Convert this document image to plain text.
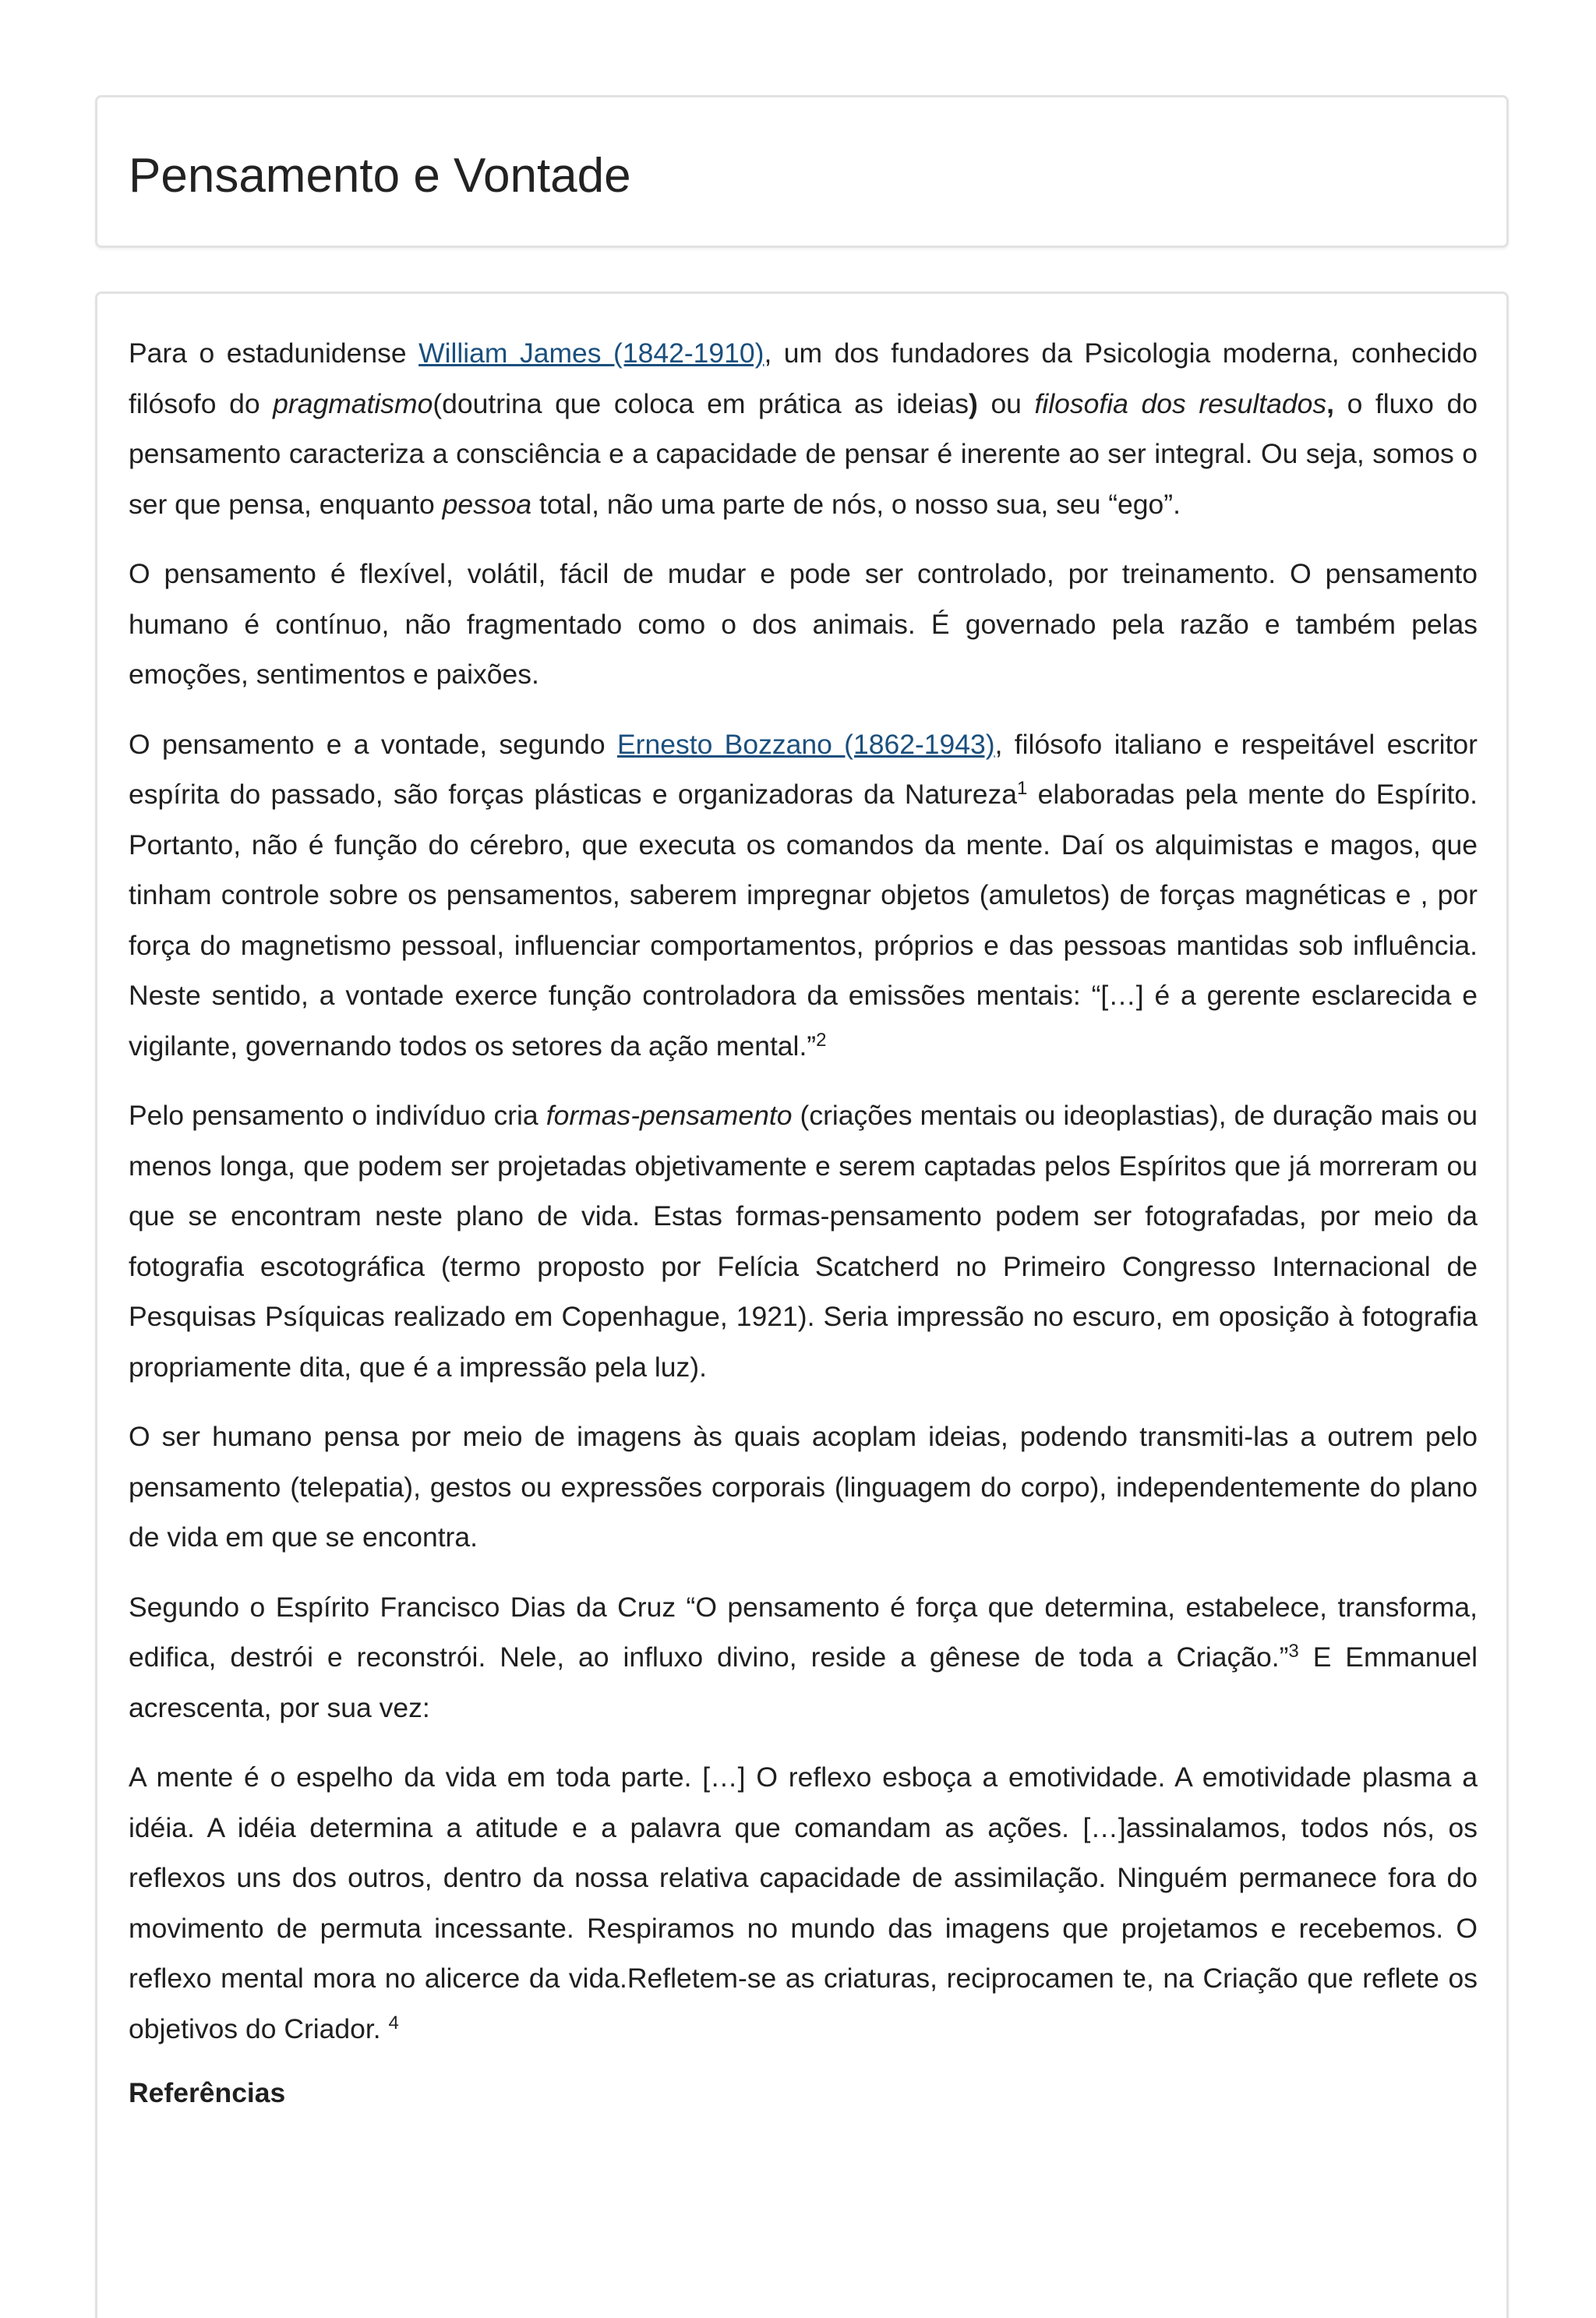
Pensamento e Vontade

Para o estadunidense William James (1842-1910), um dos fundadores da Psicologia moderna, conhecido filósofo do pragmatismo(doutrina que coloca em prática as ideias) ou filosofia dos resultados, o fluxo do pensamento caracteriza a consciência e a capacidade de pensar é inerente ao ser integral. Ou seja, somos o ser que pensa, enquanto pessoa total, não uma parte de nós, o nosso sua, seu “ego”.

O pensamento é flexível, volátil, fácil de mudar e pode ser controlado, por treinamento. O pensamento humano é contínuo, não fragmentado como o dos animais. É governado pela razão e também pelas emoções, sentimentos e paixões.

O pensamento e a vontade, segundo Ernesto Bozzano (1862-1943), filósofo italiano e respeitável escritor espírita do passado, são forças plásticas e organizadoras da Natureza$^1$ elaboradas pela mente do Espírito. Portanto, não é função do cérebro, que executa os comandos da mente. Daí os alquimistas e magos, que tinham controle sobre os pensamentos, saberem impregnar objetos (amuletos) de forças magnéticas e , por força do magnetismo pessoal, influenciar comportamentos, próprios e das pessoas mantidas sob influência. Neste sentido, a vontade exerce função controladora da emissões mentais: “[…] é a gerente esclarecida e vigilante, governando todos os setores da ação mental.”$^2$

Pelo pensamento o indivíduo cria formas-pensamento (criações mentais ou ideoplastias), de duração mais ou menos longa, que podem ser projetadas objetivamente e serem captadas pelos Espíritos que já morreram ou que se encontram neste plano de vida. Estas formas-pensamento podem ser fotografadas, por meio da fotografia escotográfica (termo proposto por Felícia Scatcherd no Primeiro Congresso Internacional de Pesquisas Psíquicas realizado em Copenhague, 1921). Seria impressão no escuro, em oposição à fotografia propriamente dita, que é a impressão pela luz).

O ser humano pensa por meio de imagens às quais acoplam ideias, podendo transmiti-las a outrem pelo pensamento (telepatia), gestos ou expressões corporais (linguagem do corpo), independentemente do plano de vida em que se encontra.

Segundo o Espírito Francisco Dias da Cruz “O pensamento é força que determina, estabelece, transforma, edifica, destrói e reconstrói. Nele, ao influxo divino, reside a gênese de toda a Criação.”$^3$ E Emmanuel acrescenta, por sua vez:

A mente é o espelho da vida em toda parte. […] O reflexo esboça a emotividade. A emotividade plasma a idéia. A idéia determina a atitude e a palavra que comandam as ações. […]assinalamos, todos nós, os reflexos uns dos outros, dentro da nossa relativa capacidade de assimilação. Ninguém permanece fora do movimento de permuta incessante. Respiramos no mundo das imagens que projetamos e recebemos. O reflexo mental mora no alicerce da vida.Refletem-se as criaturas, reciprocamen te, na Criação que reflete os objetivos do Criador. $^4$

Referências
